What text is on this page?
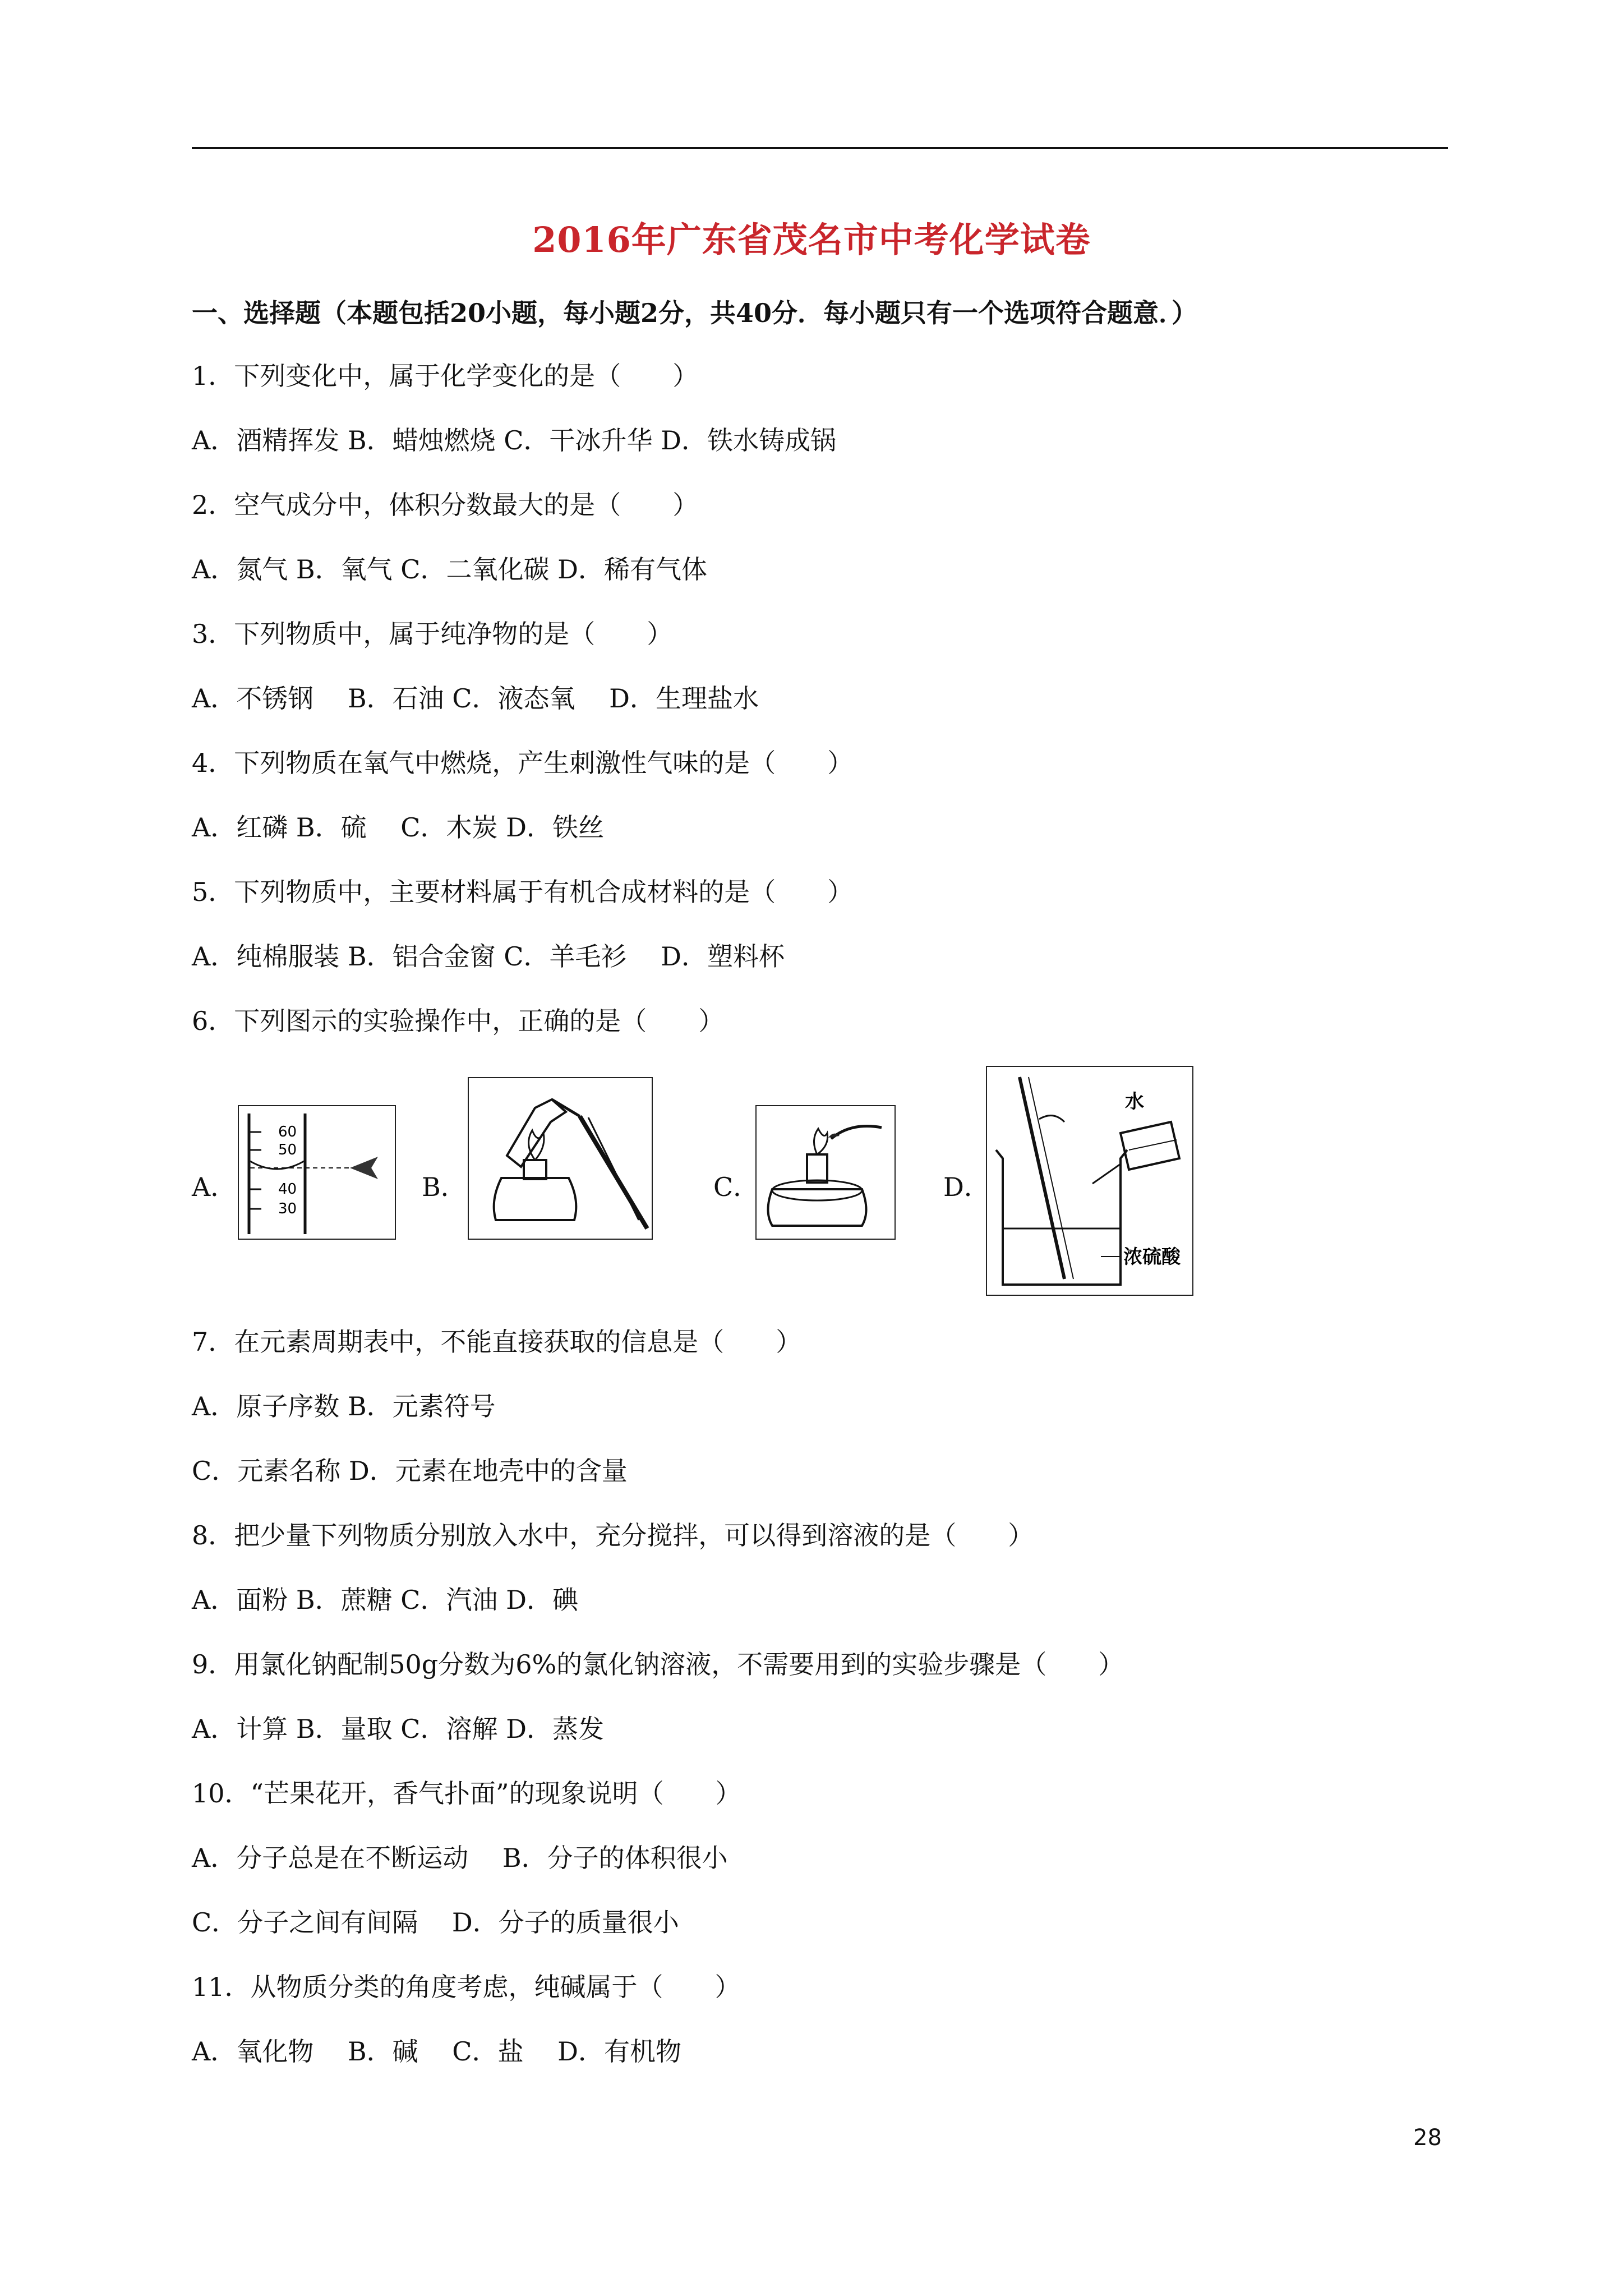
2016年广东省茂名市中考化学试卷
一、选择题（本题包括20小题，每小题2分，共40分．每小题只有一个选项符合题意．）
1．下列变化中，属于化学变化的是（　　）
A．酒精挥发 B．蜡烛燃烧 C．干冰升华 D．铁水铸成锅
2．空气成分中，体积分数最大的是（　　）
A．氮气 B．氧气 C．二氧化碳 D．稀有气体
3．下列物质中，属于纯净物的是（　　）
A．不锈钢　 B．石油 C．液态氧　 D．生理盐水
4．下列物质在氧气中燃烧，产生刺激性气味的是（　　）
A．红磷 B．硫　 C．木炭 D．铁丝
5．下列物质中，主要材料属于有机合成材料的是（　　）
A．纯棉服装 B．铝合金窗 C．羊毛衫　 D．塑料杯
6．下列图示的实验操作中，正确的是（　　）
A．	B．	C．	D．
60
50
40
30
水
浓硫酸
7．在元素周期表中，不能直接获取的信息是（　　）
A．原子序数 B．元素符号
C．元素名称 D．元素在地壳中的含量
8．把少量下列物质分别放入水中，充分搅拌，可以得到溶液的是（　　）
A．面粉 B．蔗糖 C．汽油 D．碘
9．用氯化钠配制50g分数为6%的氯化钠溶液，不需要用到的实验步骤是（　　）
A．计算 B．量取 C．溶解 D．蒸发
10．“芒果花开，香气扑面”的现象说明（　　）
A．分子总是在不断运动　 B．分子的体积很小
C．分子之间有间隔　 D．分子的质量很小
11．从物质分类的角度考虑，纯碱属于（　　）
A．氧化物　 B．碱　 C．盐　 D．有机物
28
